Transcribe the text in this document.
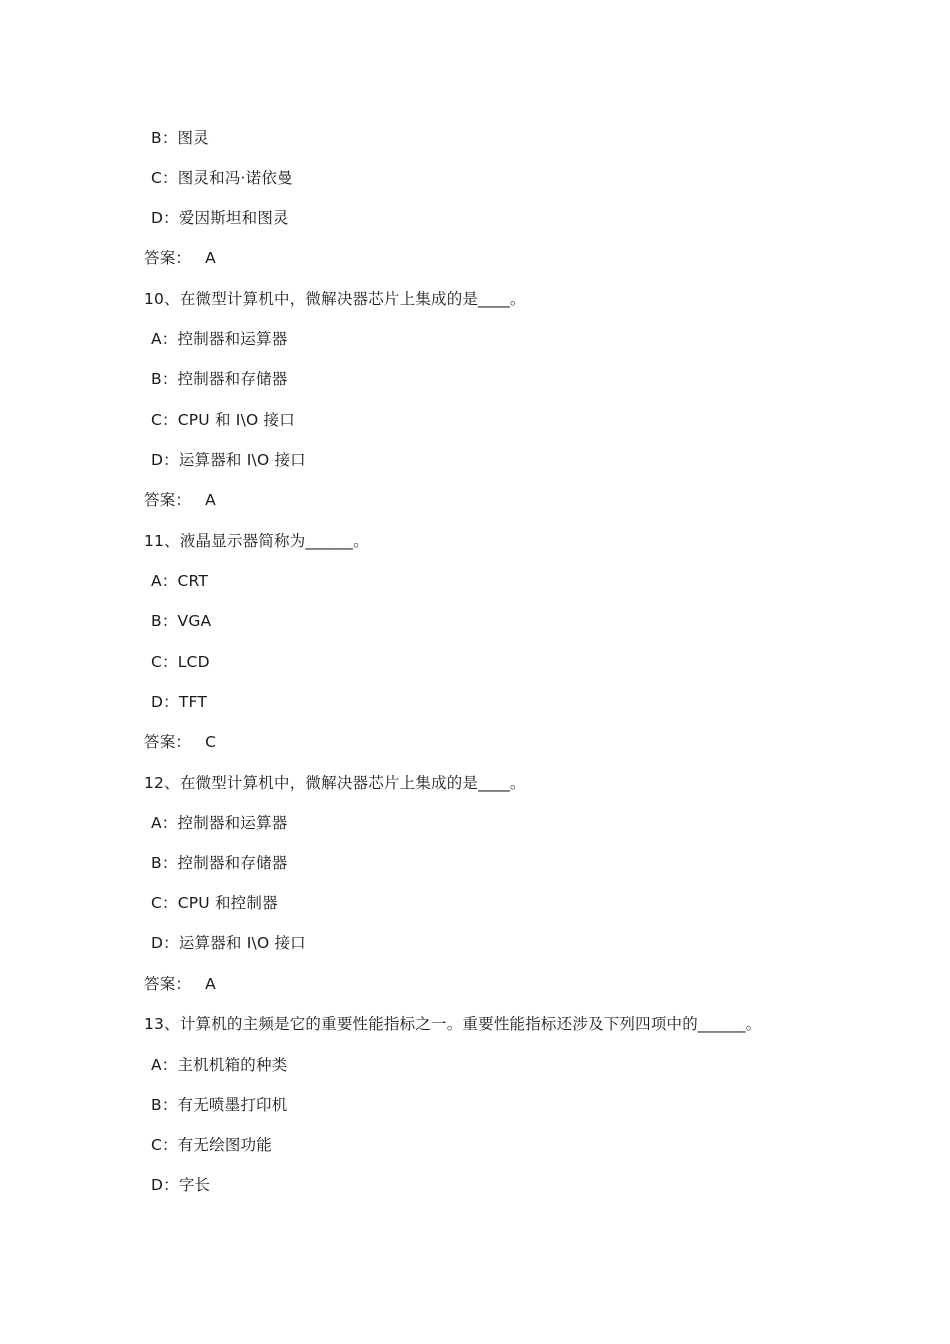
B：图灵
C：图灵和冯·诺依曼
D：爱因斯坦和图灵
答案： A
10、在微型计算机中，微解决器芯片上集成的是____。
A：控制器和运算器
B：控制器和存储器
C：CPU 和 I\O 接口
D：运算器和 I\O 接口
答案： A
11、液晶显示器简称为______。
A：CRT
B：VGA
C：LCD
D：TFT
答案： C
12、在微型计算机中，微解决器芯片上集成的是____。
A：控制器和运算器
B：控制器和存储器
C：CPU 和控制器
D：运算器和 I\O 接口
答案： A
13、计算机的主频是它的重要性能指标之一。重要性能指标还涉及下列四项中的______。
A：主机机箱的种类
B：有无喷墨打印机
C：有无绘图功能
D：字长
